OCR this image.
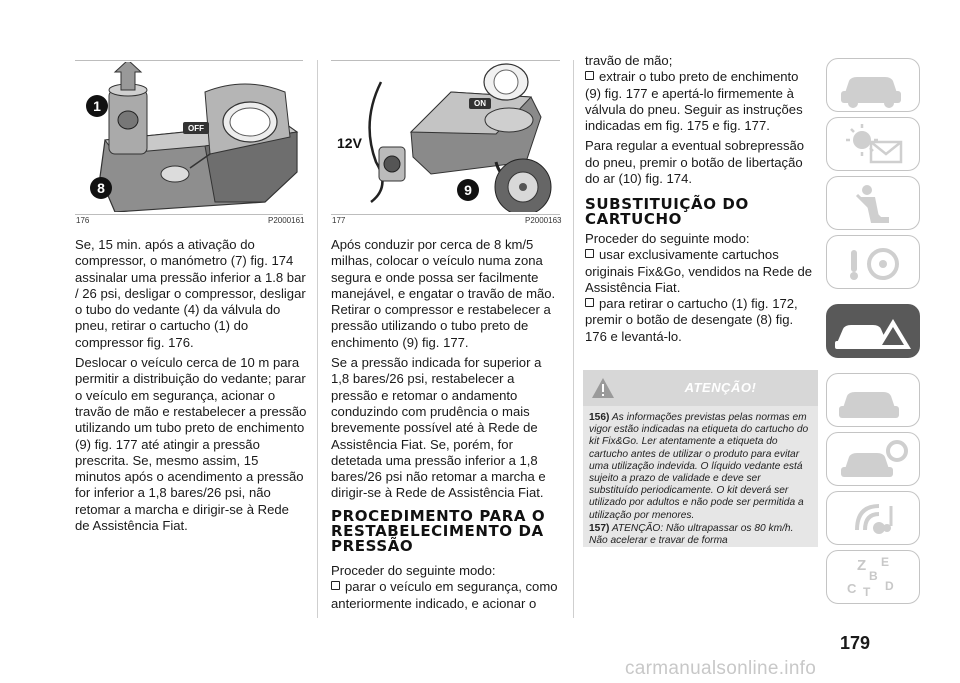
OFF
1
8
176	P2000161
ON
12V
9
177	P2000163

Se, 15 min. após a ativação do compressor, o manómetro (7) fig. 174 assinalar uma pressão inferior a 1.8 bar / 26 psi, desligar o compressor, desligar o tubo do vedante (4) da válvula do pneu, retirar o cartucho (1) do compressor fig. 176.

Deslocar o veículo cerca de 10 m para permitir a distribuição do vedante; parar o veículo em segurança, acionar o travão de mão e restabelecer a pressão utilizando um tubo preto de enchimento (9) fig. 177 até atingir a pressão prescrita. Se, mesmo assim, 15 minutos após o acendimento a pressão for inferior a 1,8 bares/26 psi, não retomar a marcha e dirigir-se à Rede de Assistência Fiat.

Após conduzir por cerca de 8 km/5 milhas, colocar o veículo numa zona segura e onde possa ser facilmente manejável, e engatar o travão de mão. Retirar o compressor e restabelecer a pressão utilizando o tubo preto de enchimento (9) fig. 177.

Se a pressão indicada for superior a 1,8 bares/26 psi, restabelecer a pressão e retomar o andamento conduzindo com prudência o mais brevemente possível até à Rede de Assistência Fiat. Se, porém, for detetada uma pressão inferior a 1,8 bares/26 psi não retomar a marcha e dirigir-se à Rede de Assistência Fiat.

PROCEDIMENTO PARA O RESTABELECIMENTO DA PRESSÃO

Proceder do seguinte modo:

parar o veículo em segurança, como anteriormente indicado, e acionar o

travão de mão;

extrair o tubo preto de enchimento (9) fig. 177 e apertá-lo firmemente à válvula do pneu. Seguir as instruções indicadas em fig. 175 e fig. 177.

Para regular a eventual sobrepressão do pneu, premir o botão de libertação do ar (10) fig. 174.

SUBSTITUIÇÃO DO CARTUCHO

Proceder do seguinte modo:

usar exclusivamente cartuchos originais Fix&Go, vendidos na Rede de Assistência Fiat.

para retirar o cartucho (1) fig. 172, premir o botão de desengate (8) fig. 176 e levantá-lo.

ATENÇÃO!
156) As informações previstas pelas normas em vigor estão indicadas na etiqueta do cartucho do kit Fix&Go. Ler atentamente a etiqueta do cartucho antes de utilizar o produto para evitar uma utilização indevida. O líquido vedante está sujeito a prazo de validade e deve ser substituído periodicamente. O kit deverá ser utilizado por adultos e não pode ser permitida a utilização por menores.
157) ATENÇÃO: Não ultrapassar os 80 km/h. Não acelerar e travar de forma
Z E
B
C T D
179
carmanualsonline.info
